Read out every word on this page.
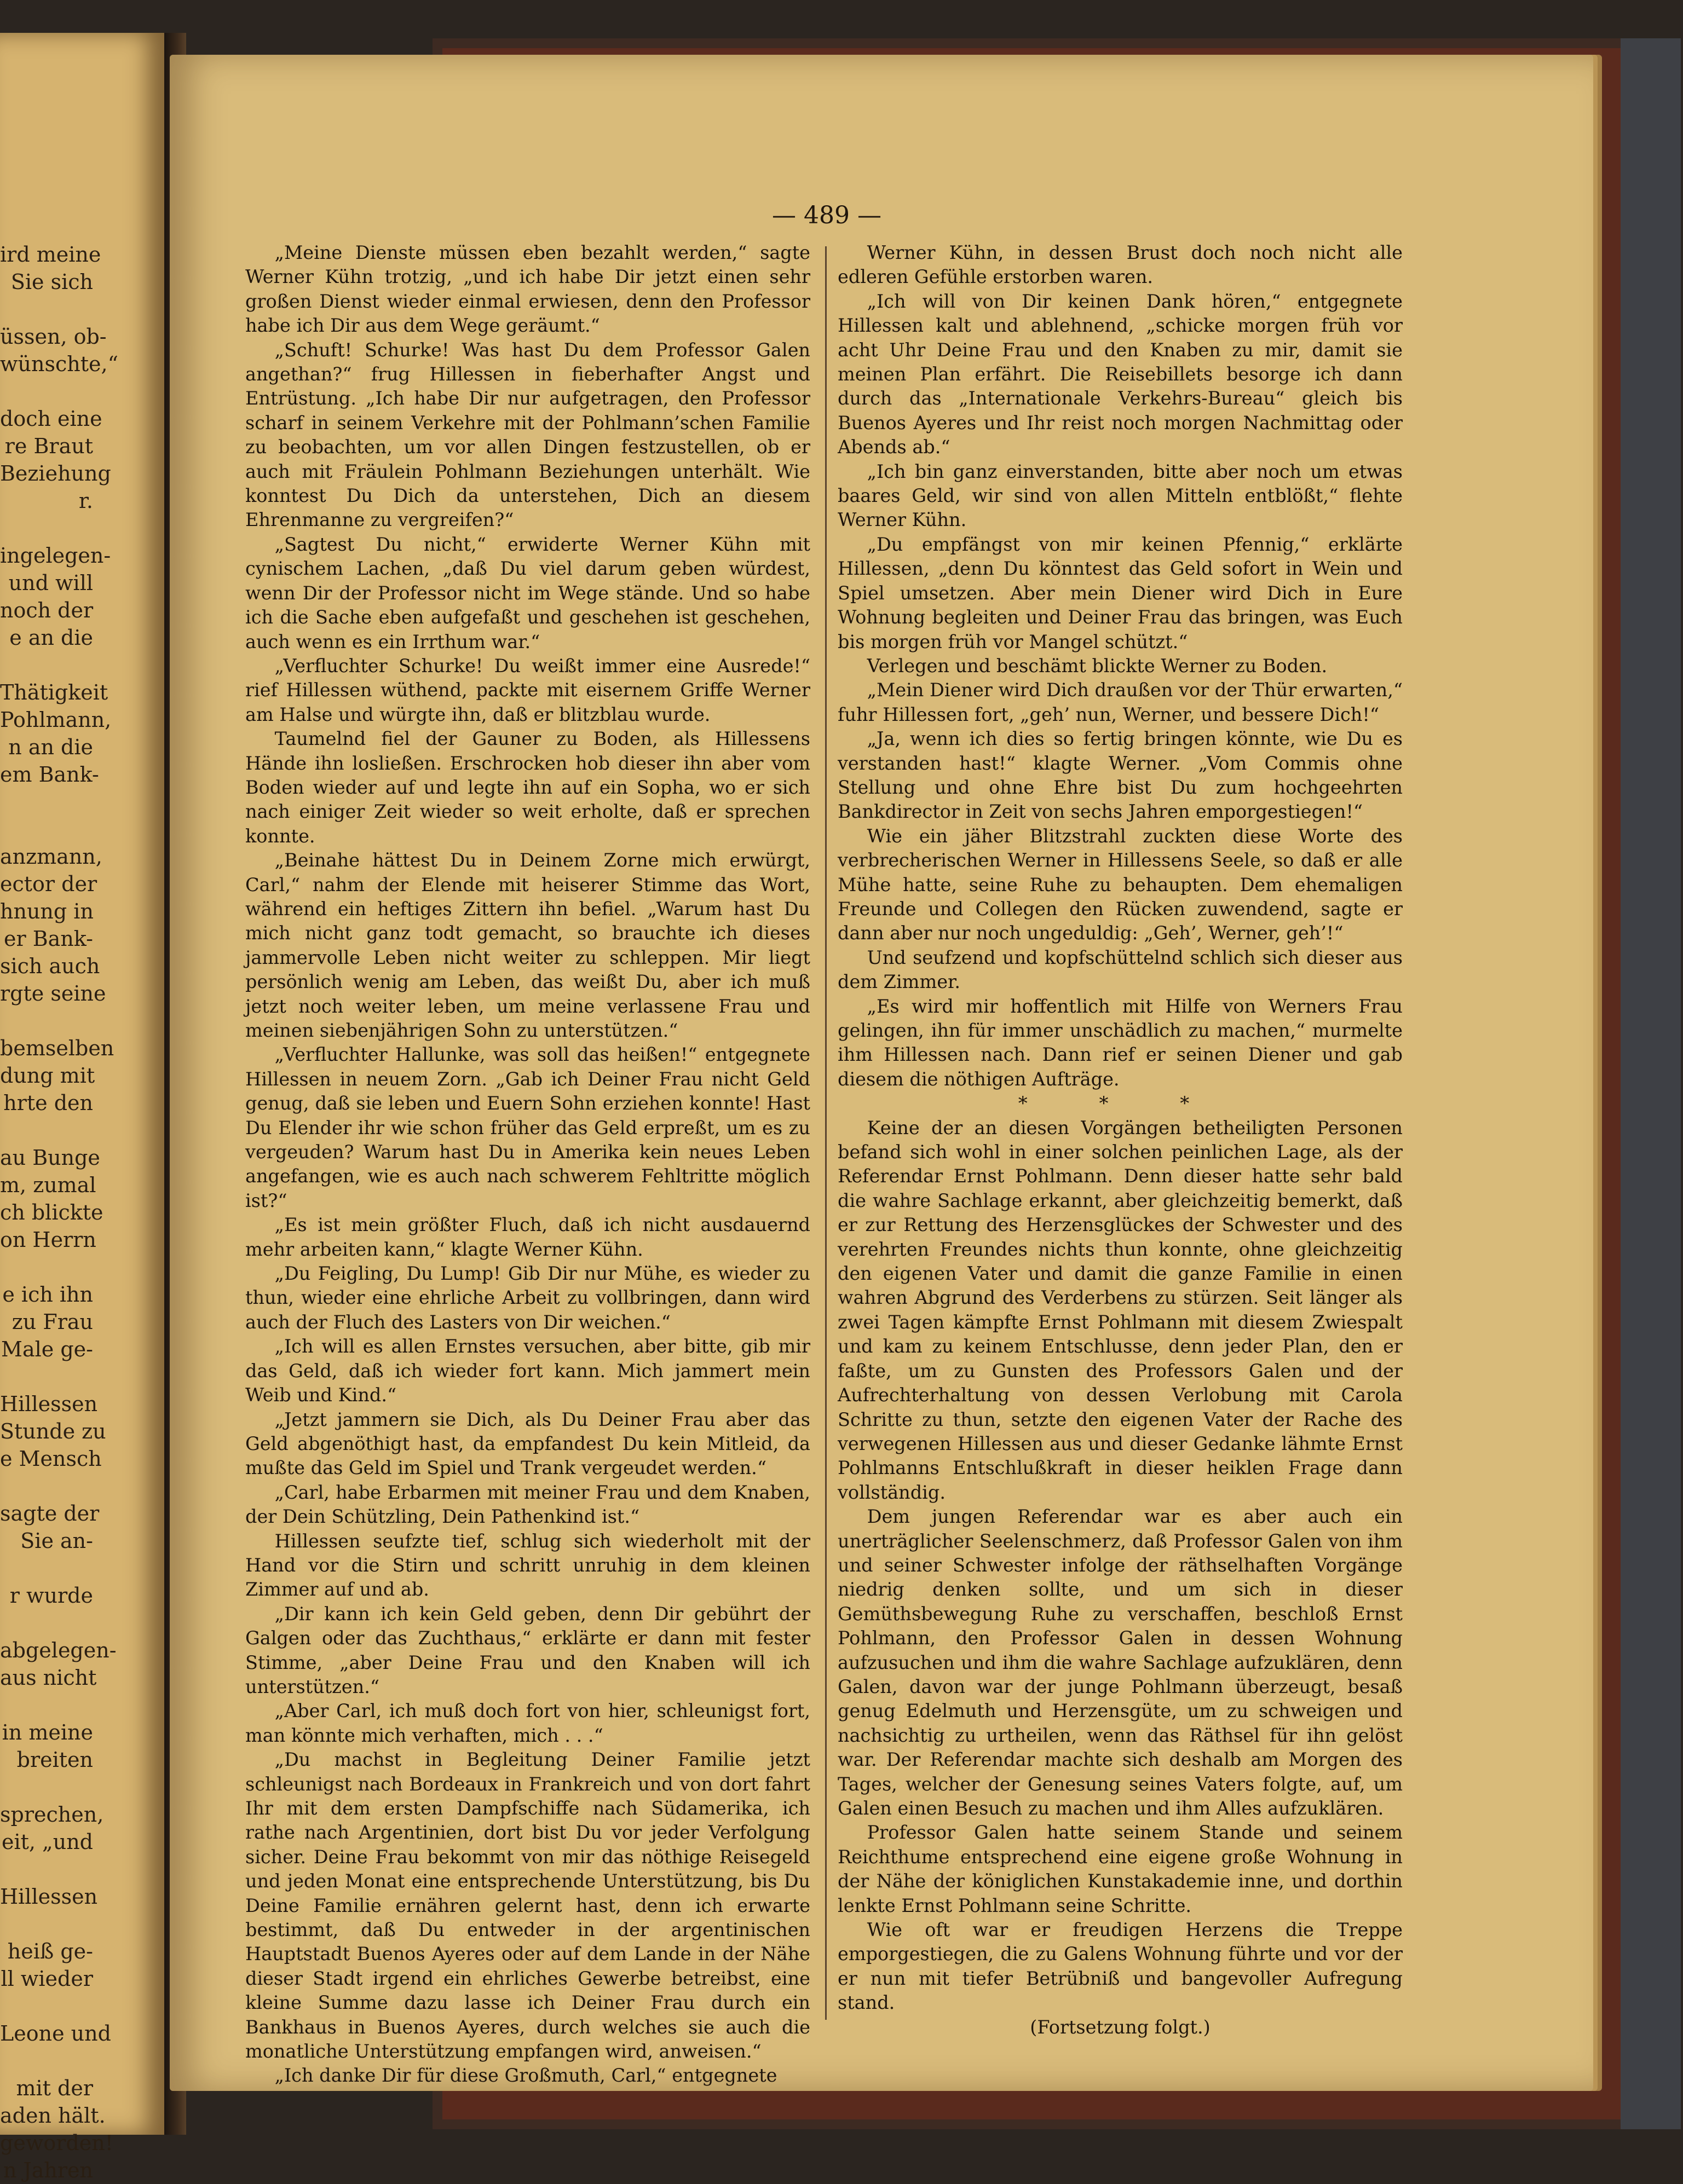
ird meine
Sie sich

üssen, ob-
wünschte,“

doch eine
re Braut
Beziehung
r.

ingelegen-
und will
noch der
e an die

Thätigkeit
Pohlmann,
n an die
em Bank-

anzmann,
ector der
hnung in
er Bank-
sich auch
rgte seine

bemselben
dung mit
hrte den

au Bunge
m, zumal
ch blickte
on Herrn

e ich ihn
zu Frau
Male ge-

Hillessen
Stunde zu
e Mensch

sagte der
Sie an-

r wurde

abgelegen-
aus nicht

in meine
breiten

sprechen,
eit, „und

Hillessen

heiß ge-
ll wieder

Leone und

mit der
aden hält.
geworden!
n Jahren
— 489 —

„Meine Dienste müssen eben bezahlt werden,“ sagte Werner Kühn trotzig, „und ich habe Dir jetzt einen sehr großen Dienst wieder einmal erwiesen, denn den Professor habe ich Dir aus dem Wege geräumt.“

„Schuft! Schurke! Was hast Du dem Professor Galen angethan?“ frug Hillessen in fieberhafter Angst und Entrüstung. „Ich habe Dir nur aufgetragen, den Professor scharf in seinem Verkehre mit der Pohlmann’schen Familie zu beobachten, um vor allen Dingen festzustellen, ob er auch mit Fräulein Pohlmann Beziehungen unterhält. Wie konntest Du Dich da unterstehen, Dich an diesem Ehrenmanne zu vergreifen?“

„Sagtest Du nicht,“ erwiderte Werner Kühn mit cynischem Lachen, „daß Du viel darum geben würdest, wenn Dir der Professor nicht im Wege stände. Und so habe ich die Sache eben aufgefaßt und geschehen ist geschehen, auch wenn es ein Irrthum war.“

„Verfluchter Schurke! Du weißt immer eine Ausrede!“ rief Hillessen wüthend, packte mit eisernem Griffe Werner am Halse und würgte ihn, daß er blitzblau wurde.

Taumelnd fiel der Gauner zu Boden, als Hillessens Hände ihn losließen. Erschrocken hob dieser ihn aber vom Boden wieder auf und legte ihn auf ein Sopha, wo er sich nach einiger Zeit wieder so weit erholte, daß er sprechen konnte.

„Beinahe hättest Du in Deinem Zorne mich erwürgt, Carl,“ nahm der Elende mit heiserer Stimme das Wort, während ein heftiges Zittern ihn befiel. „Warum hast Du mich nicht ganz todt gemacht, so brauchte ich dieses jammervolle Leben nicht weiter zu schleppen. Mir liegt persönlich wenig am Leben, das weißt Du, aber ich muß jetzt noch weiter leben, um meine verlassene Frau und meinen siebenjährigen Sohn zu unterstützen.“

„Verfluchter Hallunke, was soll das heißen!“ entgegnete Hillessen in neuem Zorn. „Gab ich Deiner Frau nicht Geld genug, daß sie leben und Euern Sohn erziehen konnte! Hast Du Elender ihr wie schon früher das Geld erpreßt, um es zu vergeuden? Warum hast Du in Amerika kein neues Leben angefangen, wie es auch nach schwerem Fehltritte möglich ist?“

„Es ist mein größter Fluch, daß ich nicht ausdauernd mehr arbeiten kann,“ klagte Werner Kühn.

„Du Feigling, Du Lump! Gib Dir nur Mühe, es wieder zu thun, wieder eine ehrliche Arbeit zu vollbringen, dann wird auch der Fluch des Lasters von Dir weichen.“

„Ich will es allen Ernstes versuchen, aber bitte, gib mir das Geld, daß ich wieder fort kann. Mich jammert mein Weib und Kind.“

„Jetzt jammern sie Dich, als Du Deiner Frau aber das Geld abgenöthigt hast, da empfandest Du kein Mitleid, da mußte das Geld im Spiel und Trank vergeudet werden.“

„Carl, habe Erbarmen mit meiner Frau und dem Knaben, der Dein Schützling, Dein Pathenkind ist.“

Hillessen seufzte tief, schlug sich wiederholt mit der Hand vor die Stirn und schritt unruhig in dem kleinen Zimmer auf und ab.

„Dir kann ich kein Geld geben, denn Dir gebührt der Galgen oder das Zuchthaus,“ erklärte er dann mit fester Stimme, „aber Deine Frau und den Knaben will ich unterstützen.“

„Aber Carl, ich muß doch fort von hier, schleunigst fort, man könnte mich verhaften, mich . . .“

„Du machst in Begleitung Deiner Familie jetzt schleunigst nach Bordeaux in Frankreich und von dort fahrt Ihr mit dem ersten Dampfschiffe nach Südamerika, ich rathe nach Argentinien, dort bist Du vor jeder Verfolgung sicher. Deine Frau bekommt von mir das nöthige Reisegeld und jeden Monat eine entsprechende Unterstützung, bis Du Deine Familie ernähren gelernt hast, denn ich erwarte bestimmt, daß Du entweder in der argentinischen Hauptstadt Buenos Ayeres oder auf dem Lande in der Nähe dieser Stadt irgend ein ehrliches Gewerbe betreibst, eine kleine Summe dazu lasse ich Deiner Frau durch ein Bankhaus in Buenos Ayeres, durch welches sie auch die monatliche Unterstützung empfangen wird, anweisen.“

„Ich danke Dir für diese Großmuth, Carl,“ entgegnete

Werner Kühn, in dessen Brust doch noch nicht alle edleren Gefühle erstorben waren.

„Ich will von Dir keinen Dank hören,“ entgegnete Hillessen kalt und ablehnend, „schicke morgen früh vor acht Uhr Deine Frau und den Knaben zu mir, damit sie meinen Plan erfährt. Die Reisebillets besorge ich dann durch das „Internationale Verkehrs-Bureau“ gleich bis Buenos Ayeres und Ihr reist noch morgen Nachmittag oder Abends ab.“

„Ich bin ganz einverstanden, bitte aber noch um etwas baares Geld, wir sind von allen Mitteln entblößt,“ flehte Werner Kühn.

„Du empfängst von mir keinen Pfennig,“ erklärte Hillessen, „denn Du könntest das Geld sofort in Wein und Spiel umsetzen. Aber mein Diener wird Dich in Eure Wohnung begleiten und Deiner Frau das bringen, was Euch bis morgen früh vor Mangel schützt.“

Verlegen und beschämt blickte Werner zu Boden.

„Mein Diener wird Dich draußen vor der Thür erwarten,“ fuhr Hillessen fort, „geh’ nun, Werner, und bessere Dich!“

„Ja, wenn ich dies so fertig bringen könnte, wie Du es verstanden hast!“ klagte Werner. „Vom Commis ohne Stellung und ohne Ehre bist Du zum hochgeehrten Bankdirector in Zeit von sechs Jahren emporgestiegen!“

Wie ein jäher Blitzstrahl zuckten diese Worte des verbrecherischen Werner in Hillessens Seele, so daß er alle Mühe hatte, seine Ruhe zu behaupten. Dem ehemaligen Freunde und Collegen den Rücken zuwendend, sagte er dann aber nur noch ungeduldig: „Geh’, Werner, geh’!“

Und seufzend und kopfschüttelnd schlich sich dieser aus dem Zimmer.

„Es wird mir hoffentlich mit Hilfe von Werners Frau gelingen, ihn für immer unschädlich zu machen,“ murmelte ihm Hillessen nach. Dann rief er seinen Diener und gab diesem die nöthigen Aufträge.

* * *

Keine der an diesen Vorgängen betheiligten Personen befand sich wohl in einer solchen peinlichen Lage, als der Referendar Ernst Pohlmann. Denn dieser hatte sehr bald die wahre Sachlage erkannt, aber gleichzeitig bemerkt, daß er zur Rettung des Herzensglückes der Schwester und des verehrten Freundes nichts thun konnte, ohne gleichzeitig den eigenen Vater und damit die ganze Familie in einen wahren Abgrund des Verderbens zu stürzen. Seit länger als zwei Tagen kämpfte Ernst Pohlmann mit diesem Zwiespalt und kam zu keinem Entschlusse, denn jeder Plan, den er faßte, um zu Gunsten des Professors Galen und der Aufrechterhaltung von dessen Verlobung mit Carola Schritte zu thun, setzte den eigenen Vater der Rache des verwegenen Hillessen aus und dieser Gedanke lähmte Ernst Pohlmanns Entschlußkraft in dieser heiklen Frage dann vollständig.

Dem jungen Referendar war es aber auch ein unerträglicher Seelenschmerz, daß Professor Galen von ihm und seiner Schwester infolge der räthselhaften Vorgänge niedrig denken sollte, und um sich in dieser Gemüthsbewegung Ruhe zu verschaffen, beschloß Ernst Pohlmann, den Professor Galen in dessen Wohnung aufzusuchen und ihm die wahre Sachlage aufzuklären, denn Galen, davon war der junge Pohlmann überzeugt, besaß genug Edelmuth und Herzensgüte, um zu schweigen und nachsichtig zu urtheilen, wenn das Räthsel für ihn gelöst war. Der Referendar machte sich deshalb am Morgen des Tages, welcher der Genesung seines Vaters folgte, auf, um Galen einen Besuch zu machen und ihm Alles aufzuklären.

Professor Galen hatte seinem Stande und seinem Reichthume entsprechend eine eigene große Wohnung in der Nähe der königlichen Kunstakademie inne, und dorthin lenkte Ernst Pohlmann seine Schritte.

Wie oft war er freudigen Herzens die Treppe emporgestiegen, die zu Galens Wohnung führte und vor der er nun mit tiefer Betrübniß und bangevoller Aufregung stand.

(Fortsetzung folgt.)
